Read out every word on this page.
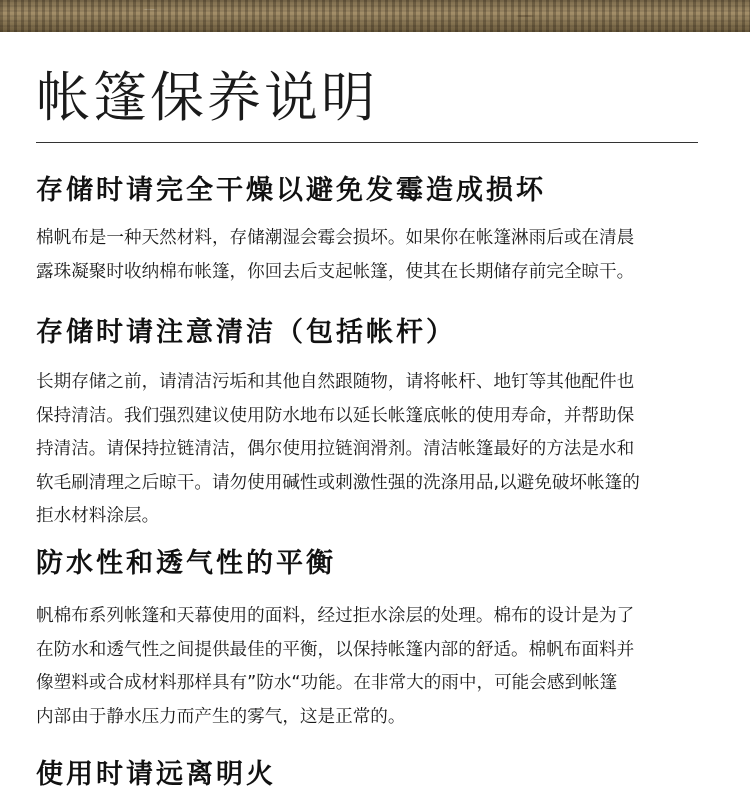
帐篷保养说明
存储时请完全干燥以避免发霉造成损坏
棉帆布是一种天然材料，存储潮湿会霉会损坏。如果你在帐篷淋雨后或在清晨
露珠凝聚时收纳棉布帐篷，你回去后支起帐篷，使其在长期储存前完全晾干。
存储时请注意清洁（包括帐杆）
长期存储之前，请清洁污垢和其他自然跟随物，请将帐杆、地钉等其他配件也
保持清洁。我们强烈建议使用防水地布以延长帐篷底帐的使用寿命，并帮助保
持清洁。请保持拉链清洁，偶尔使用拉链润滑剂。清洁帐篷最好的方法是水和
软毛刷清理之后晾干。请勿使用碱性或刺激性强的洗涤用品,以避免破坏帐篷的
拒水材料涂层。
防水性和透气性的平衡
帆棉布系列帐篷和天幕使用的面料，经过拒水涂层的处理。棉布的设计是为了
在防水和透气性之间提供最佳的平衡，以保持帐篷内部的舒适。棉帆布面料并
像塑料或合成材料那样具有”防水“功能。在非常大的雨中，可能会感到帐篷
内部由于静水压力而产生的雾气，这是正常的。
使用时请远离明火
